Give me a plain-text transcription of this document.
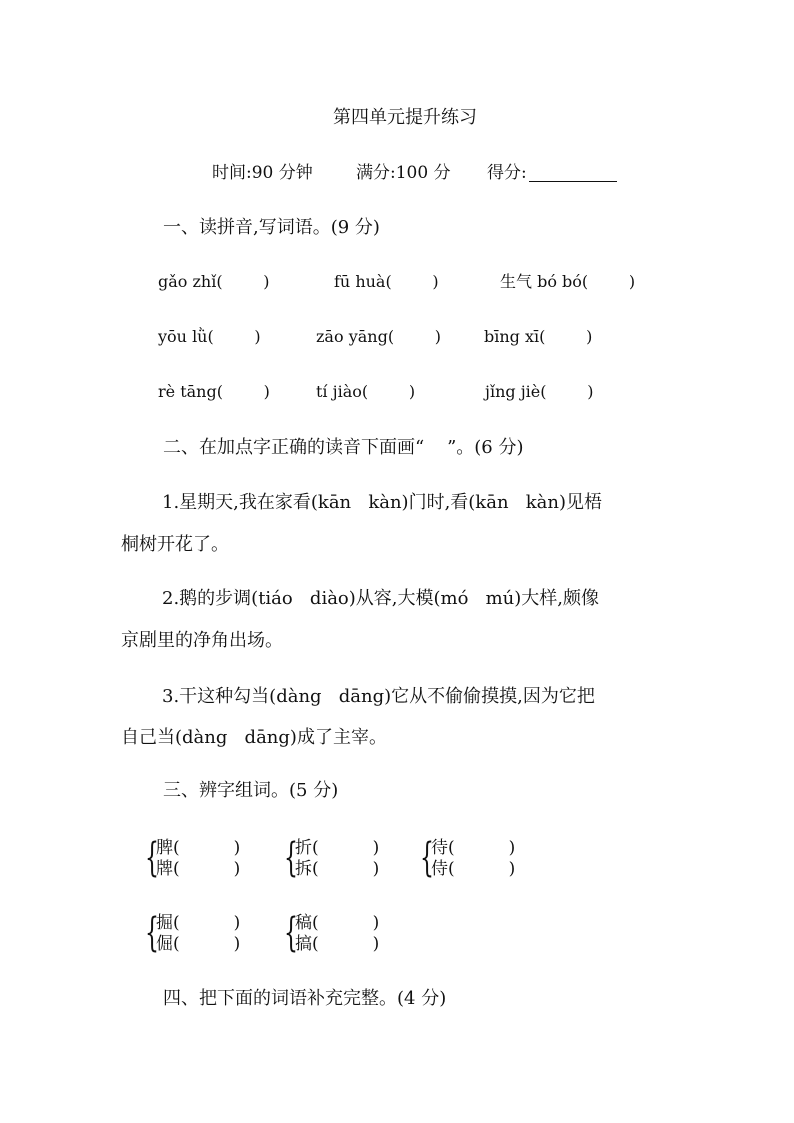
第四单元提升练习
时间:90 分钟	满分:100 分 得分:
一、读拼音,写词语。(9 分)
gǎo zhǐ(        )	fū huà(        )	生气 bó bó(        )
yōu lǜ(        )	zāo yāng(        )	bīng xī(        )
rè tāng(        )	tí jiào(        )	jǐng jiè(        )
二、在加点字正确的读音下面画“    ”。(6 分)
1.星期天,我在家看(kān   kàn)门时,看(kān   kàn)见梧
桐树开花了。
2.鹅的步调(tiáo   diào)从容,大模(mó   mú)大样,颇像
京剧里的净角出场。
3.干这种勾当(dàng   dāng)它从不偷偷摸摸,因为它把
自己当(dàng   dāng)成了主宰。
三、辨字组词。(5 分)
{
脾(          )
牌(          ) {
折(          )
拆(          ) {
待(          )
侍(          )
{
掘(          )
倔(          ) {
稿(          )
搞(          )
四、把下面的词语补充完整。(4 分)
